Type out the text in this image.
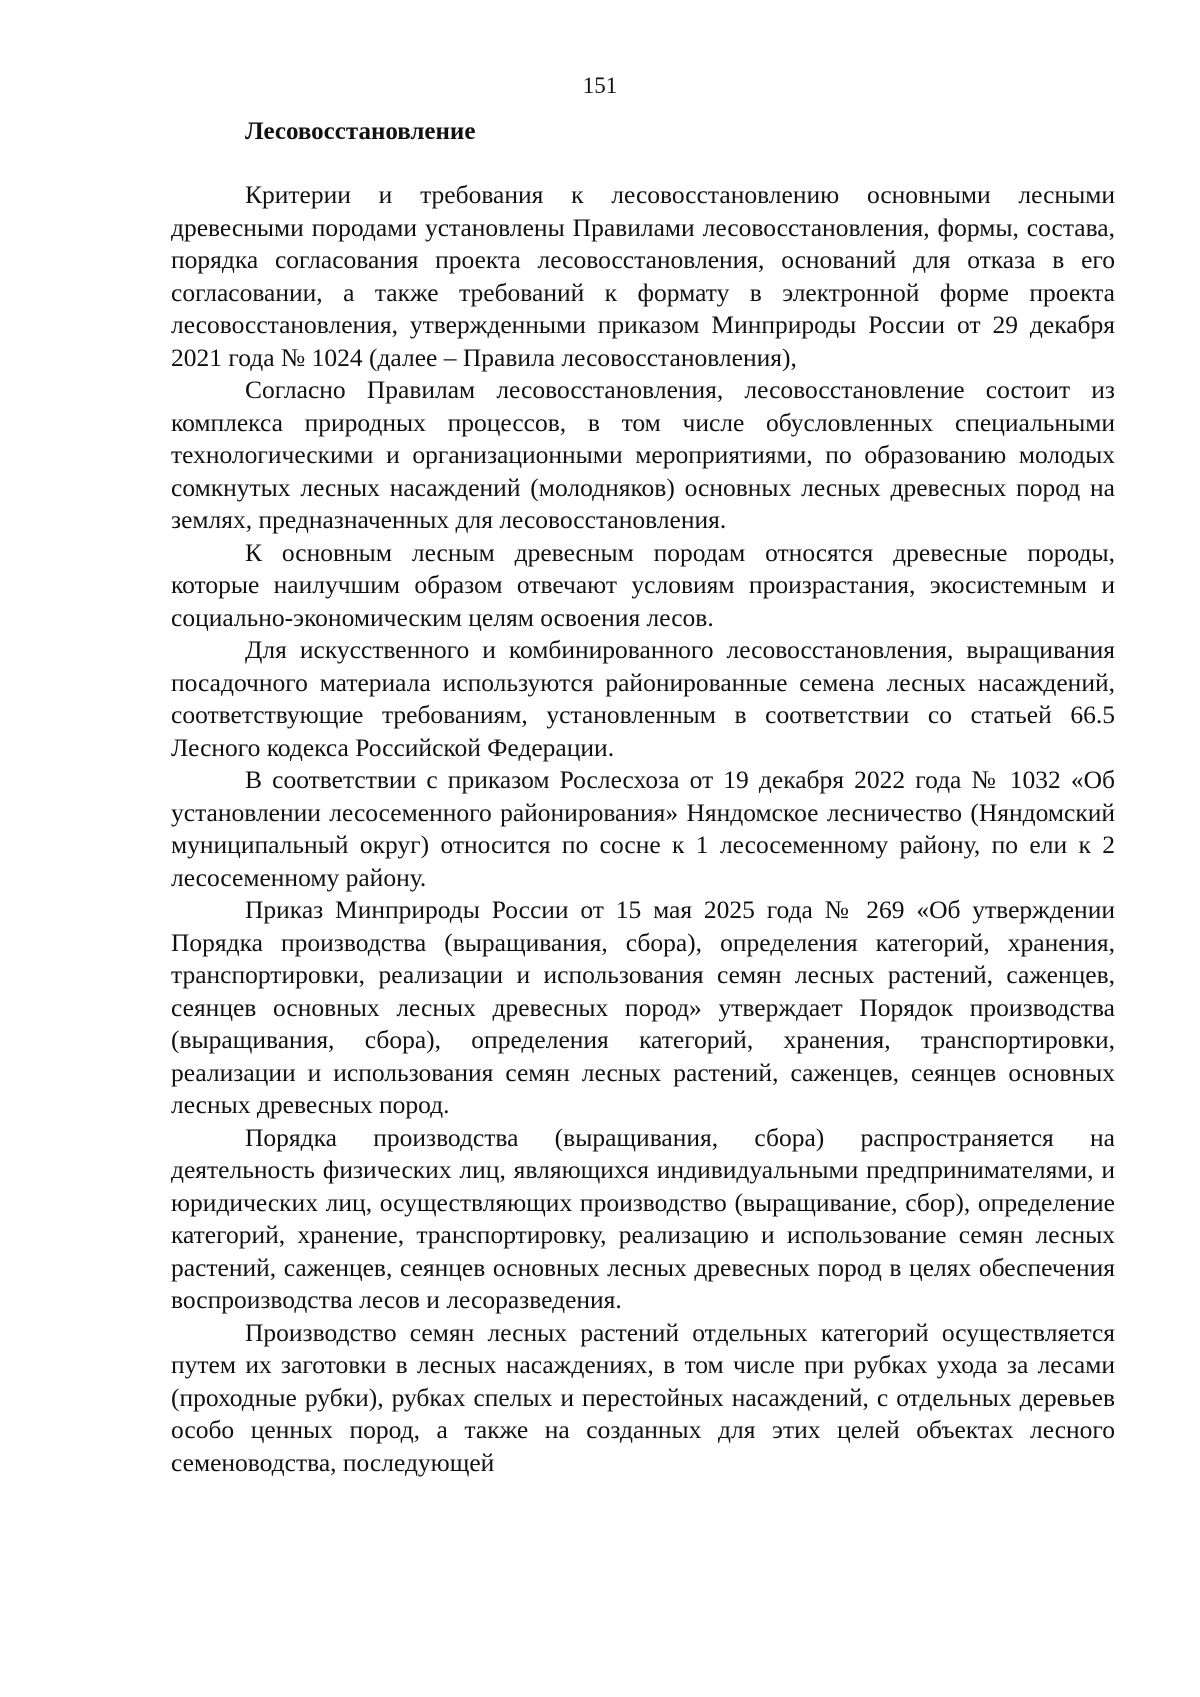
151
Лесовосстановление

Критерии и требования к лесовосстановлению основными лесными древесными породами установлены Правилами лесовосстановления, формы, состава, порядка согласования проекта лесовосстановления, оснований для отказа в его согласовании, а также требований к формату в электронной форме проекта лесовосстановления, утвержденными приказом Минприроды России от 29 декабря 2021 года № 1024 (далее – Правила лесовосстановления),

Согласно Правилам лесовосстановления, лесовосстановление состоит из комплекса природных процессов, в том числе обусловленных специальными технологическими и организационными мероприятиями, по образованию молодых сомкнутых лесных насаждений (молодняков) основных лесных древесных пород на землях, предназначенных для лесовосстановления.

К основным лесным древесным породам относятся древесные породы, которые наилучшим образом отвечают условиям произрастания, экосистемным и социально-экономическим целям освоения лесов.

Для искусственного и комбинированного лесовосстановления, выращивания посадочного материала используются районированные семена лесных насаждений, соответствующие требованиям, установленным в соответствии со статьей 66.5 Лесного кодекса Российской Федерации.

В соответствии с приказом Рослесхоза от 19 декабря 2022 года № 1032 «Об установлении лесосеменного районирования» Няндомское лесничество (Няндомский муниципальный округ) относится по сосне к 1 лесосеменному району, по ели к 2 лесосеменному району.

Приказ Минприроды России от 15 мая 2025 года № 269 «Об утверждении Порядка производства (выращивания, сбора), определения категорий, хранения, транспортировки, реализации и использования семян лесных растений, саженцев, сеянцев основных лесных древесных пород» утверждает Порядок производства (выращивания, сбора), определения категорий, хранения, транспортировки, реализации и использования семян лесных растений, саженцев, сеянцев основных лесных древесных пород.

Порядка производства (выращивания, сбора) распространяется на деятельность физических лиц, являющихся индивидуальными предпринимателями, и юридических лиц, осуществляющих производство (выращивание, сбор), определение категорий, хранение, транспортировку, реализацию и использование семян лесных растений, саженцев, сеянцев основных лесных древесных пород в целях обеспечения воспроизводства лесов и лесоразведения.

Производство семян лесных растений отдельных категорий осуществляется путем их заготовки в лесных насаждениях, в том числе при рубках ухода за лесами (проходные рубки), рубках спелых и перестойных насаждений, с отдельных деревьев особо ценных пород, а также на созданных для этих целей объектах лесного семеноводства, последующей
